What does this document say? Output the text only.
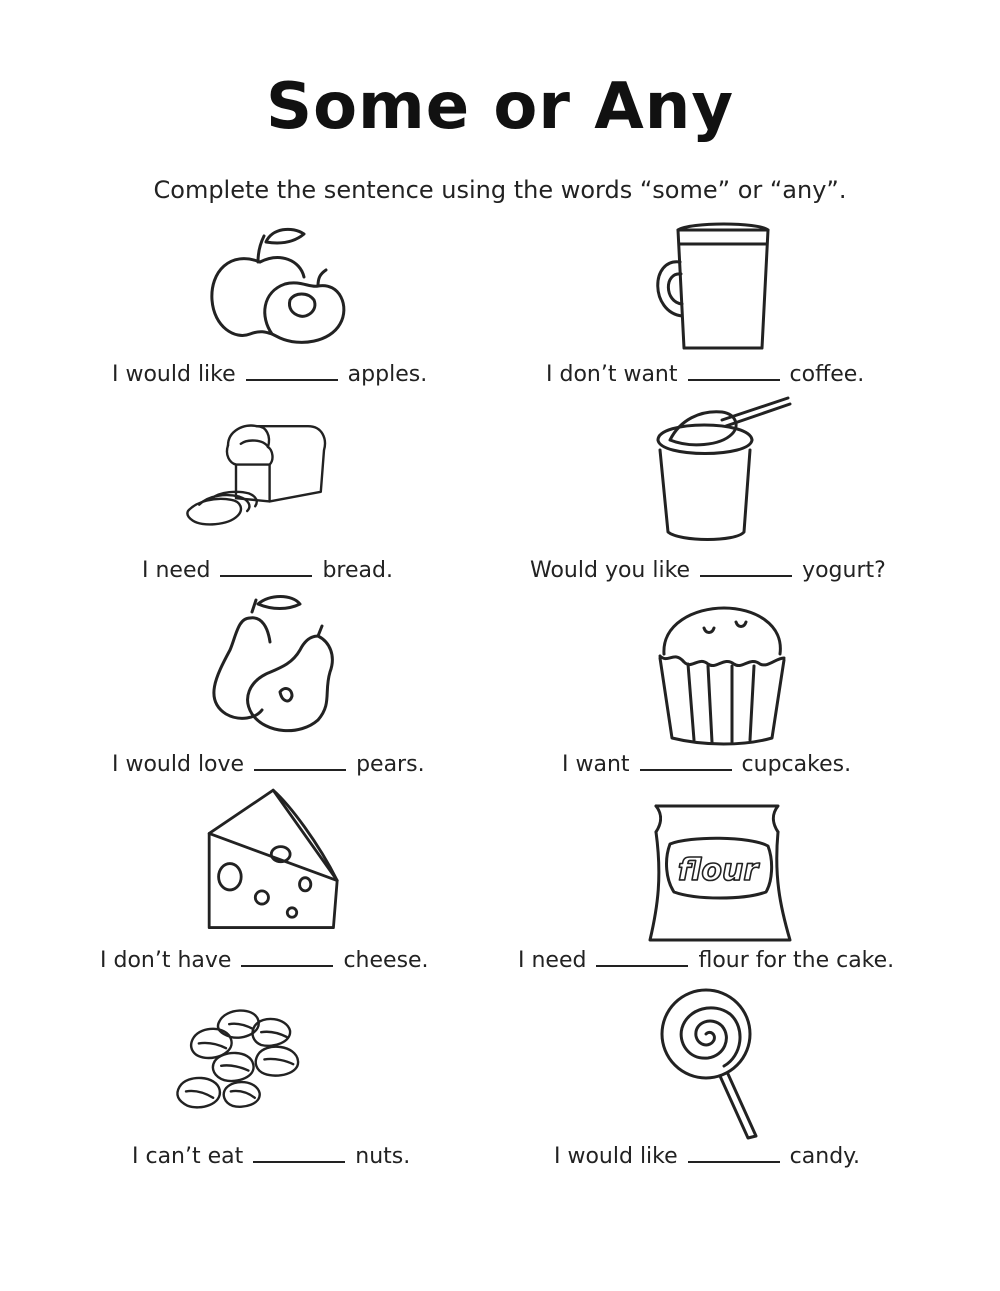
Some or Any
Complete the sentence using the words “some” or “any”.
I would like	apples.	I don’t want	coffee.
I need	bread.	Would you like	yogurt?
I would love	pears.	I want	cupcakes.
flour
I don’t have	cheese.	I need	flour for the cake.
I can’t eat	nuts.	I would like	candy.
